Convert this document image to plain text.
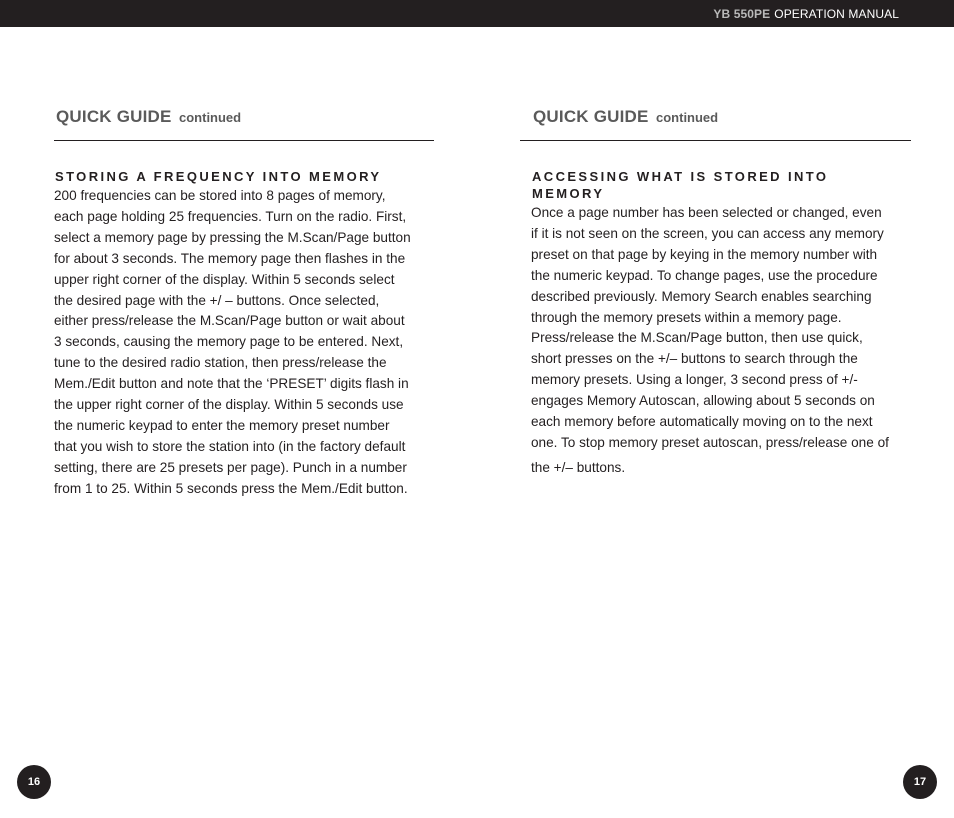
YB 550PE OPERATION MANUAL
QUICK GUIDE continued
STORING A FREQUENCY INTO MEMORY

200 frequencies can be stored into 8 pages of memory, each page holding 25 frequencies. Turn on the radio. First, select a memory page by pressing the M.Scan/Page button for about 3 seconds. The memory page then flashes in the upper right corner of the display. Within 5 seconds select the desired page with the +/ – buttons. Once selected, either press/release the M.Scan/Page button or wait about 3 seconds, causing the memory page to be entered. Next, tune to the desired radio station, then press/release the Mem./Edit button and note that the ‘PRESET’ digits flash in the upper right corner of the display. Within 5 seconds use the numeric keypad to enter the memory preset number that you wish to store the station into (in the factory default setting, there are 25 presets per page). Punch in a number from 1 to 25. Within 5 seconds press the Mem./Edit button.

QUICK GUIDE continued
ACCESSING WHAT IS STORED INTO MEMORY

Once a page number has been selected or changed, even if it is not seen on the screen, you can access any memory preset on that page by keying in the memory number with the numeric keypad. To change pages, use the procedure described previously. Memory Search enables searching through the memory presets within a memory page. Press/release the M.Scan/Page button, then use quick, short presses on the +/– buttons to search through the memory presets. Using a longer, 3 second press of +/- engages Memory Autoscan, allowing about 5 seconds on each memory before automatically moving on to the next one. To stop memory preset autoscan, press/release one of

the +/– buttons.

16	17
